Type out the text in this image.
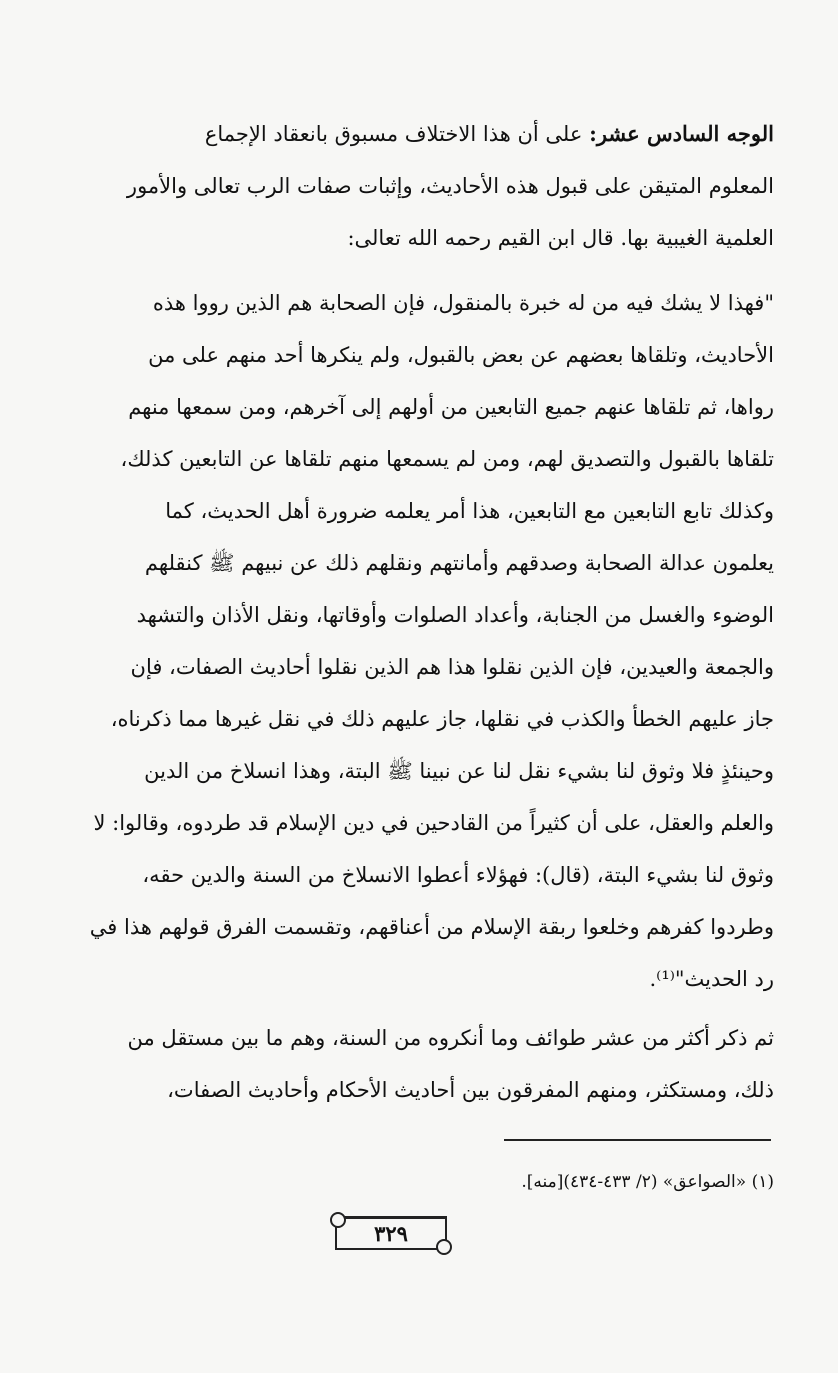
الوجه السادس عشر: على أن هذا الاختلاف مسبوق بانعقاد الإجماع
المعلوم المتيقن على قبول هذه الأحاديث، وإثبات صفات الرب تعالى والأمور
العلمية الغيبية بها. قال ابن القيم رحمه الله تعالى:
"فهذا لا يشك فيه من له خبرة بالمنقول، فإن الصحابة هم الذين رووا هذه
الأحاديث، وتلقاها بعضهم عن بعض بالقبول، ولم ينكرها أحد منهم على من
رواها، ثم تلقاها عنهم جميع التابعين من أولهم إلى آخرهم، ومن سمعها منهم
تلقاها بالقبول والتصديق لهم، ومن لم يسمعها منهم تلقاها عن التابعين كذلك،
وكذلك تابع التابعين مع التابعين، هذا أمر يعلمه ضرورة أهل الحديث، كما
يعلمون عدالة الصحابة وصدقهم وأمانتهم ونقلهم ذلك عن نبيهم ﷺ كنقلهم
الوضوء والغسل من الجنابة، وأعداد الصلوات وأوقاتها، ونقل الأذان والتشهد
والجمعة والعيدين، فإن الذين نقلوا هذا هم الذين نقلوا أحاديث الصفات، فإن
جاز عليهم الخطأ والكذب في نقلها، جاز عليهم ذلك في نقل غيرها مما ذكرناه،
وحينئذٍ فلا وثوق لنا بشيء نقل لنا عن نبينا ﷺ البتة، وهذا انسلاخ من الدين
والعلم والعقل، على أن كثيراً من القادحين في دين الإسلام قد طردوه، وقالوا: لا
وثوق لنا بشيء البتة، (قال): فهؤلاء أعطوا الانسلاخ من السنة والدين حقه،
وطردوا كفرهم وخلعوا ربقة الإسلام من أعناقهم، وتقسمت الفرق قولهم هذا في
رد الحديث"⁽¹⁾.
ثم ذكر أكثر من عشر طوائف وما أنكروه من السنة، وهم ما بين مستقل من
ذلك، ومستكثر، ومنهم المفرقون بين أحاديث الأحكام وأحاديث الصفات،
(١) «الصواعق» (٢/ ٤٣٣-٤٣٤)[منه].
٣٢٩
